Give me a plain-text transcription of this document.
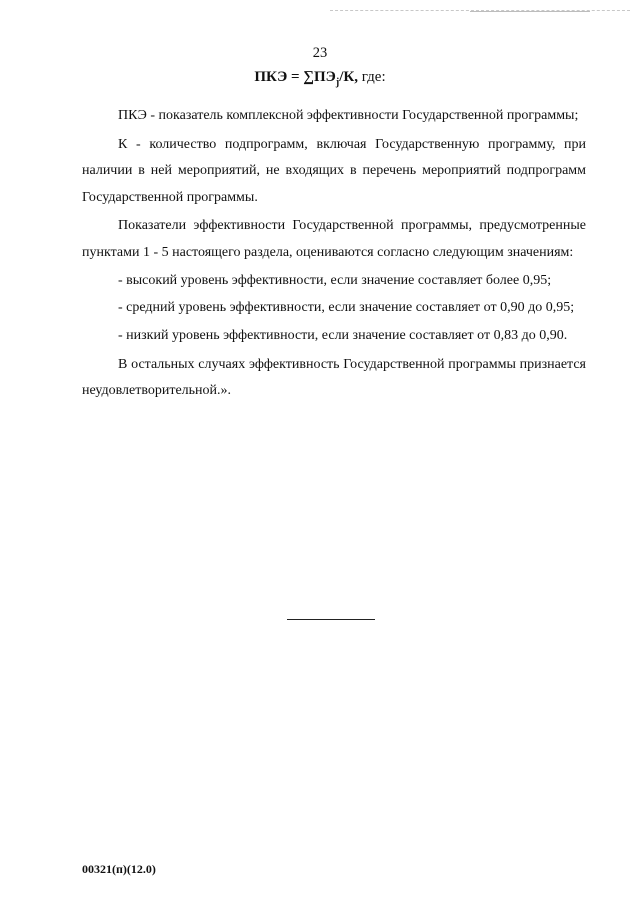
23
ПКЭ = $\sum ПЭ_j/К$, где:

ПКЭ - показатель комплексной эффективности Государственной программы;

К - количество подпрограмм, включая Государственную программу, при наличии в ней мероприятий, не входящих в перечень мероприятий подпрограмм Государственной программы.

Показатели эффективности Государственной программы, предусмотренные пунктами 1 - 5 настоящего раздела, оцениваются согласно следующим значениям:

- высокий уровень эффективности, если значение составляет более 0,95;

- средний уровень эффективности, если значение составляет от 0,90 до 0,95;

- низкий уровень эффективности, если значение составляет от 0,83 до 0,90.

В остальных случаях эффективность Государственной программы признается неудовлетворительной.».

00321(п)(12.0)
